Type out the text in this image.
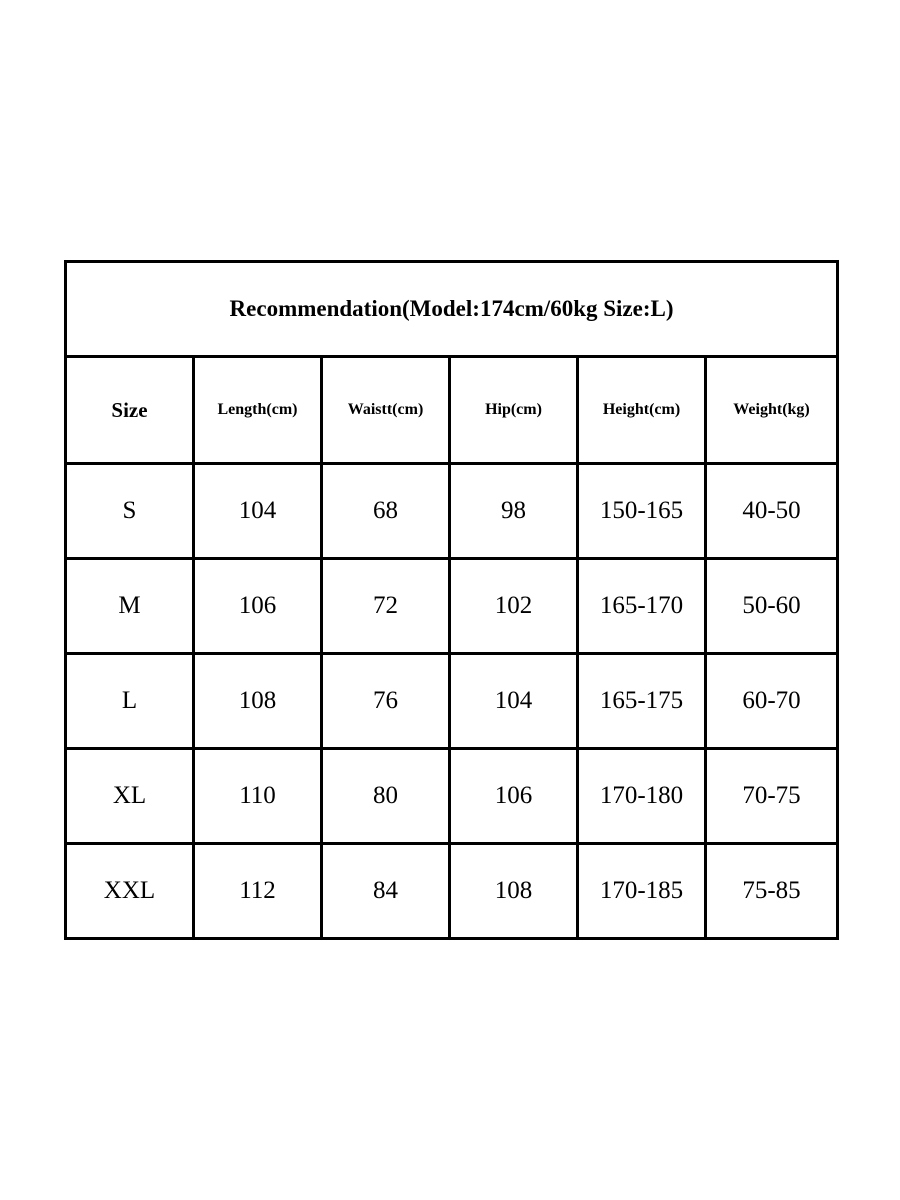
Recommendation(Model:174cm/60kg Size:L)					
Size	Length(cm)	Waistt(cm)	Hip(cm)	Height(cm)	Weight(kg)
S	104	68	98	150-165	40-50
M	106	72	102	165-170	50-60
L	108	76	104	165-175	60-70
XL	110	80	106	170-180	70-75
XXL	112	84	108	170-185	75-85
